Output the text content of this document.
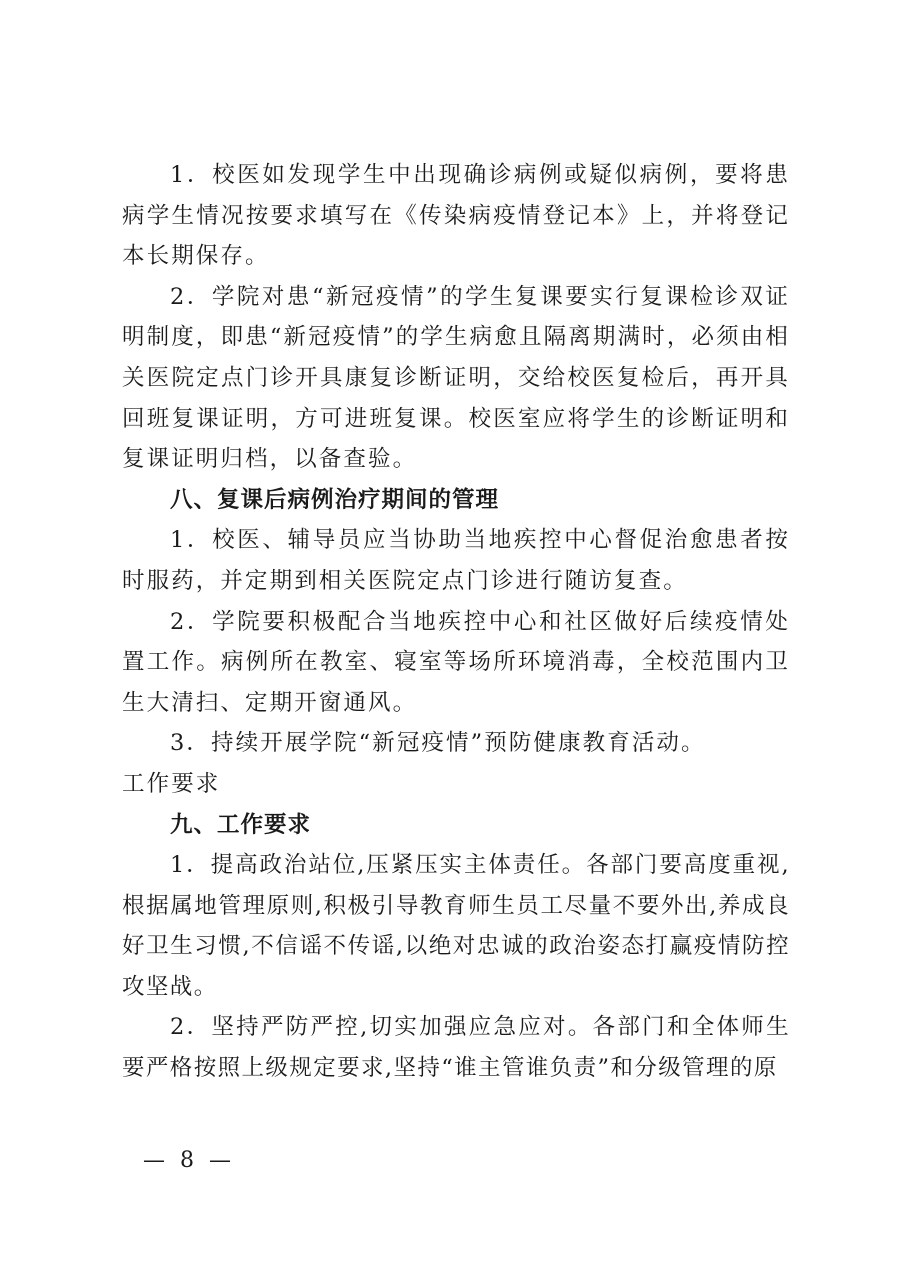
1．校医如发现学生中出现确诊病例或疑似病例，要将患病学生情况按要求填写在《传染病疫情登记本》上，并将登记本长期保存。

2．学院对患“新冠疫情”的学生复课要实行复课检诊双证明制度，即患“新冠疫情”的学生病愈且隔离期满时，必须由相关医院定点门诊开具康复诊断证明，交给校医复检后，再开具回班复课证明，方可进班复课。校医室应将学生的诊断证明和复课证明归档，以备查验。

八、复课后病例治疗期间的管理

1．校医、辅导员应当协助当地疾控中心督促治愈患者按时服药，并定期到相关医院定点门诊进行随访复查。

2．学院要积极配合当地疾控中心和社区做好后续疫情处置工作。病例所在教室、寝室等场所环境消毒，全校范围内卫生大清扫、定期开窗通风。

3．持续开展学院“新冠疫情”预防健康教育活动。

工作要求

九、工作要求

1．提高政治站位,压紧压实主体责任。各部门要高度重视,根据属地管理原则,积极引导教育师生员工尽量不要外出,养成良好卫生习惯,不信谣不传谣,以绝对忠诚的政治姿态打赢疫情防控攻坚战。

2．坚持严防严控,切实加强应急应对。各部门和全体师生要严格按照上级规定要求,坚持“谁主管谁负责”和分级管理的原

— 8 —
